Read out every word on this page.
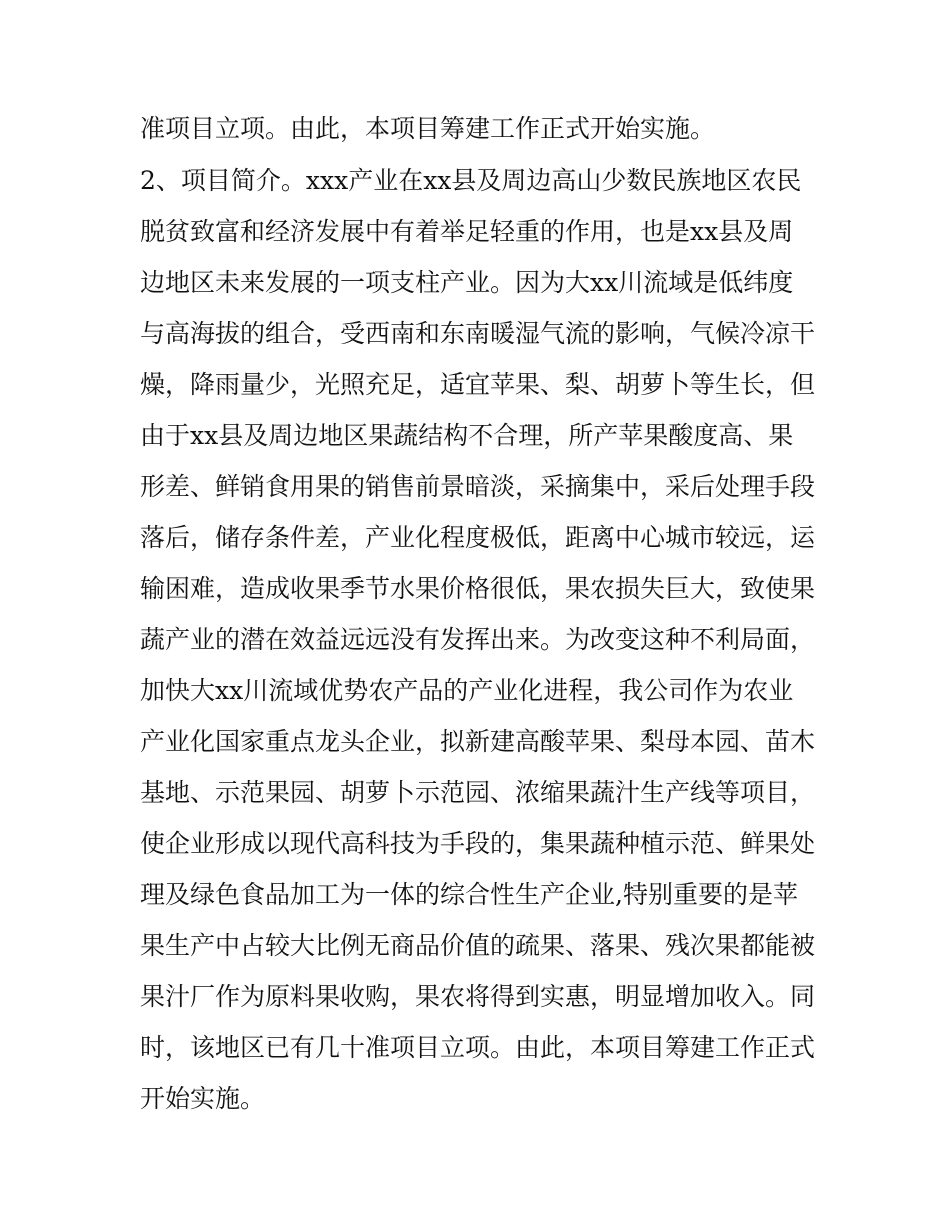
准项目立项。由此，本项目筹建工作正式开始实施。
2、项目简介。xxx产业在xx县及周边高山少数民族地区农民
脱贫致富和经济发展中有着举足轻重的作用，也是xx县及周
边地区未来发展的一项支柱产业。因为大xx川流域是低纬度
与高海拔的组合，受西南和东南暖湿气流的影响，气候冷凉干
燥，降雨量少，光照充足，适宜苹果、梨、胡萝卜等生长，但
由于xx县及周边地区果蔬结构不合理，所产苹果酸度高、果
形差、鲜销食用果的销售前景暗淡，采摘集中，采后处理手段
落后，储存条件差，产业化程度极低，距离中心城市较远，运
输困难，造成收果季节水果价格很低，果农损失巨大，致使果
蔬产业的潜在效益远远没有发挥出来。为改变这种不利局面，
加快大xx川流域优势农产品的产业化进程，我公司作为农业
产业化国家重点龙头企业，拟新建高酸苹果、梨母本园、苗木
基地、示范果园、胡萝卜示范园、浓缩果蔬汁生产线等项目，
使企业形成以现代高科技为手段的，集果蔬种植示范、鲜果处
理及绿色食品加工为一体的综合性生产企业,特别重要的是苹
果生产中占较大比例无商品价值的疏果、落果、残次果都能被
果汁厂作为原料果收购，果农将得到实惠，明显增加收入。同
时，该地区已有几十准项目立项。由此，本项目筹建工作正式
开始实施。
